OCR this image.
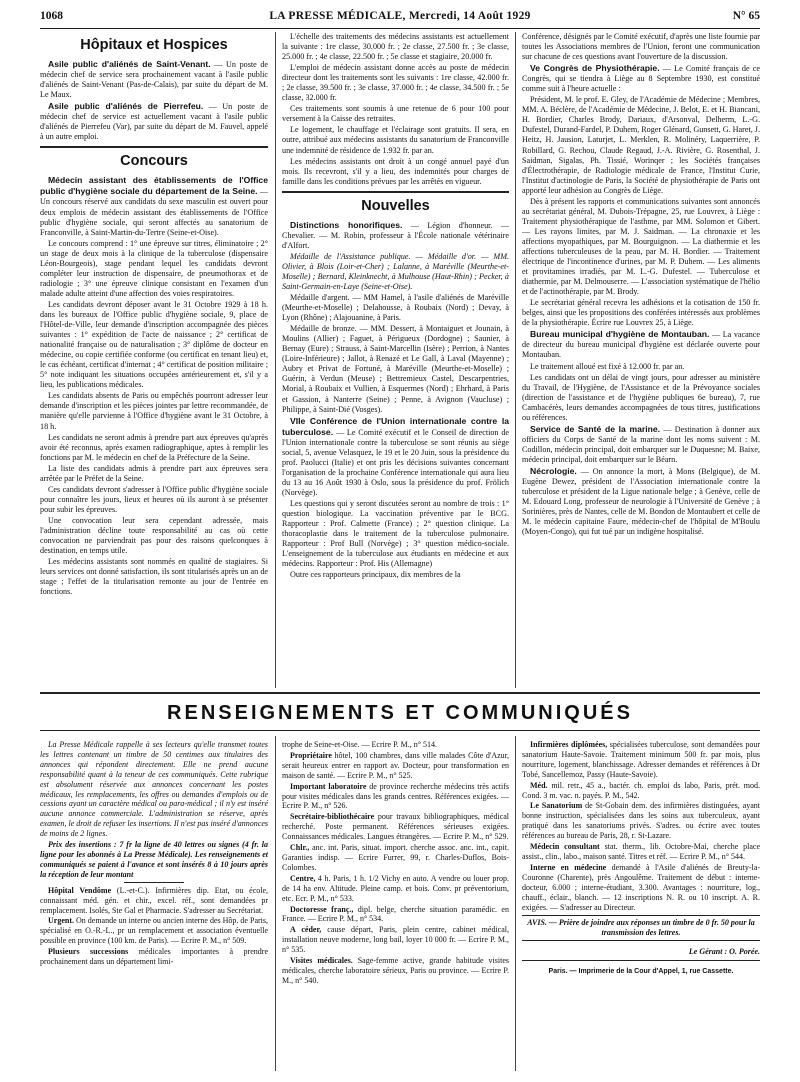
1068	LA PRESSE MÉDICALE, Mercredi, 14 Août 1929	N° 65
Hôpitaux et Hospices

Asile public d'aliénés de Saint-Venant. — Un poste de médecin chef de service sera prochainement vacant à l'asile public d'aliénés de Saint-Venant (Pas-de-Calais), par suite du départ de M. Le Maux.

Asile public d'aliénés de Pierrefeu. — Un poste de médecin chef de service est actuellement vacant à l'asile public d'aliénés de Pierrefeu (Var), par suite du départ de M. Fauvel, appelé à un autre emploi.

Concours

Médecin assistant des établissements de l'Office public d'hygiène sociale du département de la Seine. — Un concours réservé aux candidats du sexe masculin est ouvert pour deux emplois de médecin assistant des établissements de l'Office public d'hygiène sociale, qui seront affectés au sanatorium de Franconville, à Saint-Martin-du-Tertre (Seine-et-Oise).

Le concours comprend : 1° une épreuve sur titres, éliminatoire ; 2° un stage de deux mois à la clinique de la tuberculose (dispensaire Léon-Bourgeois), stage pendant lequel les candidats devront compléter leur instruction de dispensaire, de pneumothorax et de radiologie ; 3° une épreuve clinique consistant en l'examen d'un malade adulte atteint d'une affection des voies respiratoires.

Les candidats devront déposer avant le 31 Octobre 1929 à 18 h. dans les bureaux de l'Office public d'hygiène sociale, 9, place de l'Hôtel-de-Ville, leur demande d'inscription accompagnée des pièces suivantes : 1° expédition de l'acte de naissance ; 2° certificat de nationalité française ou de naturalisation ; 3° diplôme de docteur en médecine, ou copie certifiée conforme (ou certificat en tenant lieu) et, le cas échéant, certificat d'internat ; 4° certificat de position militaire ; 5° note indiquant les situations occupées antérieurement et, s'il y a lieu, les publications médicales.

Les candidats absents de Paris ou empêchés pourront adresser leur demande d'inscription et les pièces jointes par lettre recommandée, de manière qu'elle parvienne à l'Office d'hygiène avant le 31 Octobre, à 18 h.

Les candidats ne seront admis à prendre part aux épreuves qu'après avoir été reconnus, après examen radiographique, aptes à remplir les fonctions par M. le médecin en chef de la Préfecture de la Seine.

La liste des candidats admis à prendre part aux épreuves sera arrêtée par le Préfet de la Seine.

Ces candidats devront s'adresser à l'Office public d'hygiène sociale pour connaître les jours, lieux et heures où ils auront à se présenter pour subir les épreuves.

Une convocation leur sera cependant adressée, mais l'administration décline toute responsabilité au cas où cette convocation ne parviendrait pas pour des raisons quelconques à destination, en temps utile.

Les médecins assistants sont nommés en qualité de stagiaires. Si leurs services ont donné satisfaction, ils sont titularisés après un an de stage ; l'effet de la titularisation remonte au jour de l'entrée en fonctions.

L'échelle des traitements des médecins assistants est actuellement la suivante : 1re classe, 30.000 fr. ; 2e classe, 27.500 fr. ; 3e classe, 25.000 fr. ; 4e classe, 22.500 fr. ; 5e classe et stagiaire, 20.000 fr.

L'emploi de médecin assistant donne accès au poste de médecin directeur dont les traitements sont les suivants : 1re classe, 42.000 fr. ; 2e classe, 39.500 fr. ; 3e classe, 37.000 fr. ; 4e classe, 34.500 fr. ; 5e classe, 32.000 fr.

Ces traitements sont soumis à une retenue de 6 pour 100 pour versement à la Caisse des retraites.

Le logement, le chauffage et l'éclairage sont gratuits. Il sera, en outre, attribué aux médecins assistants du sanatorium de Franconville une indemnité de résidence de 1.932 fr. par an.

Les médecins assistants ont droit à un congé annuel payé d'un mois. Ils recevront, s'il y a lieu, des indemnités pour charges de famille dans les conditions prévues par les arrêtés en vigueur.

Nouvelles

Distinctions honorifiques. — Légion d'honneur. — Chevalier. — M. Robin, professeur à l'École nationale vétérinaire d'Alfort.

Médaille de l'Assistance publique. — Médaille d'or. — MM. Olivier, à Blois (Loir-et-Cher) ; Lalanne, à Maréville (Meurthe-et-Moselle) ; Bernard, Kleinknecht, à Mulhouse (Haut-Rhin) ; Pecker, à Saint-Germain-en-Laye (Seine-et-Oise).

Médaille d'argent. — MM Hamel, à l'asile d'aliénés de Maréville (Meurthe-et-Moselle) ; Delahousse, à Roubaix (Nord) ; Devay, à Lyon (Rhône) ; Alajouanine, à Paris.

Médaille de bronze. — MM. Dessert, à Montaiguet et Jounain, à Moulins (Allier) ; Faguet, à Périgueux (Dordogne) ; Saunier, à Bernay (Eure) ; Strauss, à Saint-Marcellin (Isère) ; Perrion, à Nantes (Loire-Inférieure) ; Jallot, à Renazé et Le Gall, à Laval (Mayenne) ; Aubry et Privat de Fortuné, à Maréville (Meurthe-et-Moselle) ; Guérin, à Verdun (Meuse) ; Bettremieux Castel, Descarpentries, Morial, à Roubaix et Vullien, à Esquermes (Nord) ; Ehrhard, à Paris et Gassion, à Nanterre (Seine) ; Penne, à Avignon (Vaucluse) ; Philippe, à Saint-Dié (Vosges).

VIIe Conférence de l'Union internationale contre la tuberculose. — Le Comité exécutif et le Conseil de direction de l'Union internationale contre la tuberculose se sont réunis au siège social, 5, avenue Velasquez, le 19 et le 20 Juin, sous la présidence du prof. Paolucci (Italie) et ont pris les décisions suivantes concernant l'organisation de la prochaine Conférence internationale qui aura lieu du 13 au 16 Août 1930 à Oslo, sous la présidence du prof. Frölich (Norvège).

Les questions qui y seront discutées seront au nombre de trois : 1° question biologique. La vaccination préventive par le BCG. Rapporteur : Prof. Calmette (France) ; 2° question clinique. La thoracoplastie dans le traitement de la tuberculose pulmonaire. Rapporteur : Prof Bull (Norvège) ; 3° question médico-sociale. L'enseignement de la tuberculose aux étudiants en médecine et aux médecins. Rapporteur : Prof. His (Allemagne)

Outre ces rapporteurs principaux, dix membres de la

Conférence, désignés par le Comité exécutif, d'après une liste fournie par toutes les Associations membres de l'Union, feront une communication sur chacune de ces questions avant l'ouverture de la discussion.

Ve Congrès de Physiothérapie. — Le Comité français de ce Congrès, qui se tiendra à Liège au 8 Septembre 1930, est constitué comme suit à l'heure actuelle :

Président, M. le prof. E. Gley, de l'Académie de Médecine ; Membres, MM. A. Béclère, de l'Académie de Médecine, J. Belot, E. et H. Biancani, H. Bordier, Charles Brody, Dariaux, d'Arsonval, Delherm, L.-G. Dufestel, Durand-Fardel, P. Duhem, Roger Glénard, Gunsett, G. Haret, J. Heitz, H. Jausion, Laturjet, L. Merklen, R. Molinéry, Laquerrière, P. Robillard, G. Rechou, Claude Regaud, J.-A. Rivière, G. Rosenthal, J. Saidman, Sigalas, Ph. Tissié, Worinqer ; les Sociétés françaises d'Électrothérapie, de Radiologie médicale de France, l'Institut Curie, l'Institut d'actinologie de Paris, la Société de physiothérapie de Paris ont apporté leur adhésion au Congrès de Liège.

Dès à présent les rapports et communications suivantes sont annoncés au secrétariat général, M. Dubois-Trépagne, 25, rue Louvrex, à Liège : Traitement physiothérapique de l'asthme, par MM. Solomon et Gibert. — Les rayons limites, par M. J. Saidman. — La chronaxie et les affections myopathiques, par M. Bourguignon. — La diathermie et les affections tuberculeuses de la peau, par M. H. Bordier. — Traitement électrique de l'incontinence d'urines, par M. P. Duhem. — Les aliments et provitamines irradiés, par M. L.-G. Dufestel. — Tuberculose et diathermie, par M. Delmouserre. — L'association systématique de l'hélio et de l'actinothérapie, par M. Brody.

Le secrétariat général recevra les adhésions et la cotisation de 150 fr. belges, ainsi que les propositions des conférées intéressés aux problèmes de la physiothérapie. Écrire rue Louvrex 25, à Liège.

Bureau municipal d'hygiène de Montauban. — La vacance de directeur du bureau municipal d'hygiène est déclarée ouverte pour Montauban.

Le traitement alloué est fixé à 12.000 fr. par an.

Les candidats ont un délai de vingt jours, pour adresser au ministère du Travail, de l'Hygiène, de l'Assistance et de la Prévoyance sociales (direction de l'assistance et de l'hygiène publiques 6e bureau), 7, rue Cambacérès, leurs demandes accompagnées de tous titres, justifications ou références.

Service de Santé de la marine. — Destination à donner aux officiers du Corps de Santé de la marine dont les noms suivent : M. Codillon, médecin principal, doit embarquer sur le Duquesne; M. Baixe, médecin principal, doit embarquer sur le Béarn.

Nécrologie. — On annonce la mort, à Mons (Belgique), de M. Eugène Dewez, président de l'Association internationale contre la tuberculose et président de la Ligue nationale belge ; à Genève, celle de M. Edouard Long, professeur de neurologie à l'Université de Genève ; à Sorinières, près de Nantes, celle de M. Bondon de Montaubert et celle de M. le médecin capitaine Faure, médecin-chef de l'hôpital de M'Boulu (Moyen-Congo), qui fut tué par un indigène hospitalisé.

RENSEIGNEMENTS ET COMMUNIQUÉS

La Presse Médicale rappelle à ses lecteurs qu'elle transmet toutes les lettres contenant un timbre de 50 centimes aux titulaires des annonces qui répondent directement. Elle ne prend aucune responsabilité quant à la teneur de ces communiqués. Cette rubrique est absolument réservée aux annonces concernant les postes médicaux, les remplacements, les offres ou demandes d'emplois ou de cessions ayant un caractère médical ou para-médical ; il n'y est inséré aucune annonce commerciale. L'administration se réserve, après examen, le droit de refuser les insertions. Il n'est pas inséré d'annonces de moins de 2 lignes.

Prix des insertions : 7 fr la ligne de 40 lettres ou signes (4 fr. la ligne pour les abonnés à La Presse Médicale). Les renseignements et communiqués se paient à l'avance et sont insérés 8 à 10 jours après la réception de leur montant

Hôpital Vendôme (L.-et-C.). Infirmières dip. Etat, ou école, connaissant méd. gén. et chir., excel. réf., sont demandées pr remplacement. Isolés, Ste Gal et Pharmacie. S'adresser au Secrétariat.

Urgent. On demande un interne ou ancien interne des Hôp. de Paris, spécialisé en O.-R.-L., pr un remplacement et association éventuelle possible en province (100 km. de Paris). — Ecrire P. M., n° 509.

Plusieurs successions médicales importantes à prendre prochainement dans un département limi-

trophe de Seine-et-Oise. — Ecrire P. M., n° 514.

Propriétaire hôtel, 100 chambres, dans ville malades Côte d'Azur, serait heureux entrer en rapport av. Docteur, pour transformation en maison de santé. — Ecrire P. M., n° 525.

Important laboratoire de province recherche médecins très actifs pour visites médicales dans les grands centres. Références exigées. — Ecrire P. M., n° 526.

Secrétaire-bibliothécaire pour travaux bibliographiques, médical recherché. Poste permanent. Références sérieuses exigées. Connaissances médicales. Langues étrangères. — Ecrire P. M., n° 529.

Chlr., anc. int. Paris, situat. import. cherche assoc. anc. int., capit. Garanties indisp. — Ecrire Furrer, 99, r. Charles-Duflos, Bois-Colombes.

Centre, 4 h. Paris, 1 h. 1/2 Vichy en auto. A vendre ou louer prop. de 14 ha env. Altitude. Pleine camp. et bois. Conv. pr préventorium, etc. Ecr. P. M., n° 533.

Doctoresse franç., dipl. belge, cherche situation paramédic. en France. — Ecrire P. M., n° 534.

A céder, cause départ, Paris, plein centre, cabinet médical, installation neuve moderne, long bail, loyer 10 000 fr. — Ecrire P. M., n° 535.

Visites médicales. Sage-femme active, grande habitude visites médicales, cherche laboratoire sérieux, Paris ou province. — Ecrire P. M., n° 540.

Infirmières diplômées, spécialisées tuberculose, sont demandées pour sanatorium Haute-Savoie. Traitement minimum 500 fr. par mois, plus nourriture, logement, blanchissage. Adresser demandes et références à Dr Tobé, Sancellemoz, Passy (Haute-Savoie).

Méd. mil. retr., 45 a., bactér. ch. emploi ds labo, Paris, prét. mod. Cond. 3 m. vac. n. payés. P. M., 542.

Le Sanatorium de St-Gobain dem. des infirmières distinguées, ayant bonne instruction, spécialisées dans les soins aux tuberculeux, ayant pratiqué dans les sanatoriums privés. S'adres. ou écrire avec toutes références au bureau de Paris, 28, r. St-Lazare.

Médecin consultant stat. therm., lib. Octobre-Mai, cherche place assist., clin., labo., maison santé. Titres et réf. — Ecrire P. M., n° 544.

Interne en médecine demandé à l'Asile d'aliénés de Breuty-la-Couronne (Charente), près Angoulême. Traitement de début : interne-docteur, 6.000 ; interne-étudiant, 3.300. Avantages : nourriture, log., chauff., éclair., blanch. — 12 inscriptions N. R. ou 10 inscript. A. R. exigées. — S'adresser au Directeur.

AVIS. — Prière de joindre aux réponses un timbre de 0 fr. 50 pour la transmission des lettres.
Le Gérant : O. Porée.
Paris. — Imprimerie de la Cour d'Appel, 1, rue Cassette.
